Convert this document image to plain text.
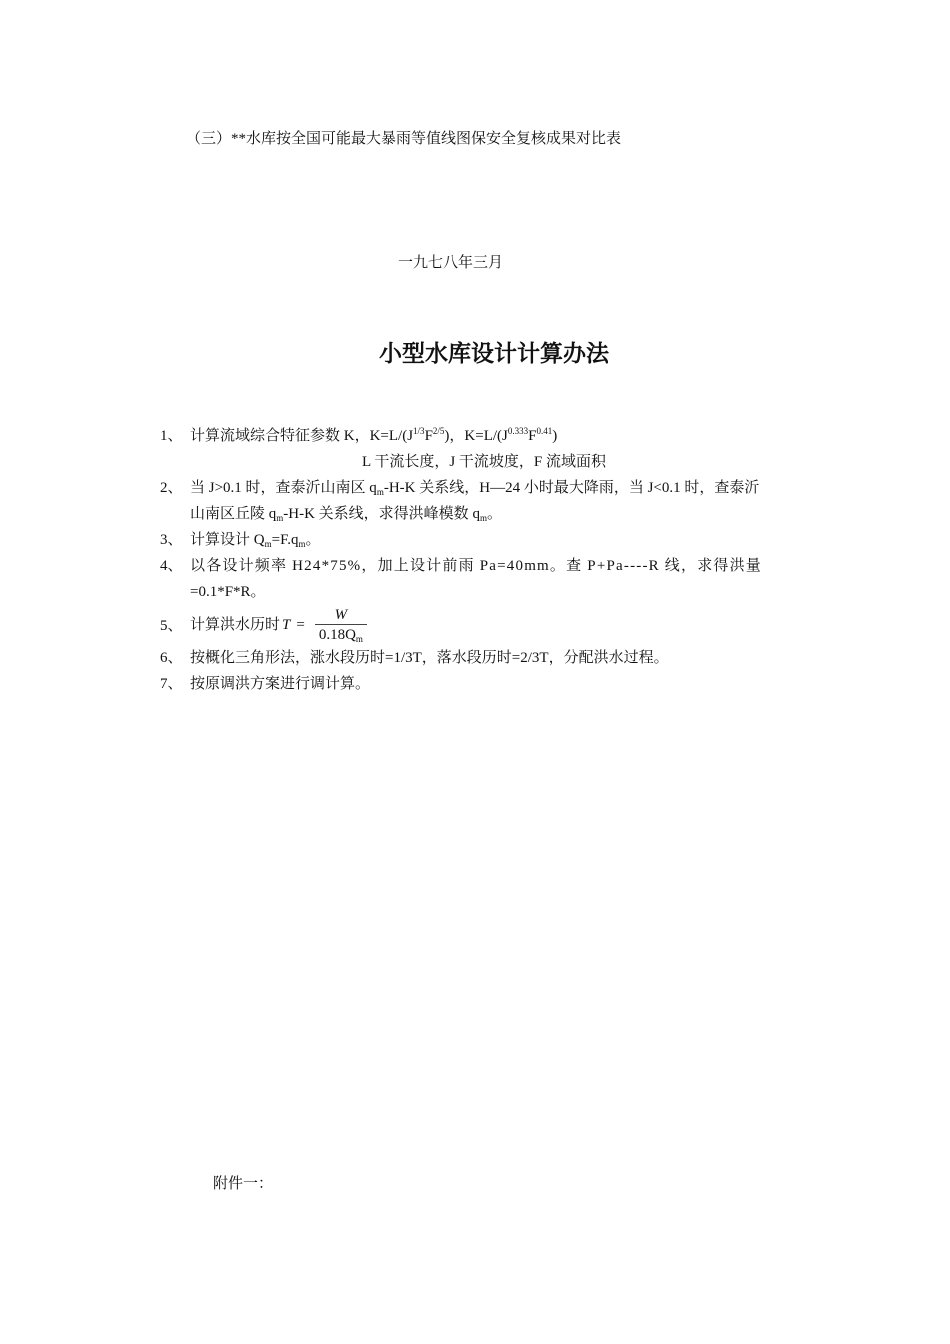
（三）**水库按全国可能最大暴雨等值线图保安全复核成果对比表
一九七八年三月
小型水库设计计算办法
1、 计算流域综合特征参数 K，$K=L/(J^{1/3}F^{2/5})$，$K=L/(J^{0.333}F^{0.41})$
L 干流长度，J 干流坡度，F 流域面积
2、 当 J>0.1 时，查泰沂山南区 $q_m-H-K$ 关系线，H—24 小时最大降雨，当 J<0.1 时，查泰沂
山南区丘陵 $q_m-H-K$ 关系线，求得洪峰模数 $q_m$。
3、 计算设计 $Q_m=F.q_m$。
4、 以各设计频率 H24*75%，加上设计前雨 Pa=40mm。查 P+Pa----R 线，求得洪量
=0.1*F*R。
5、 计算洪水历时 $T = \frac{W}{0.18Q_m}$
6、 按概化三角形法，涨水段历时=1/3T，落水段历时=2/3T，分配洪水过程。
7、 按原调洪方案进行调计算。
附件一：
